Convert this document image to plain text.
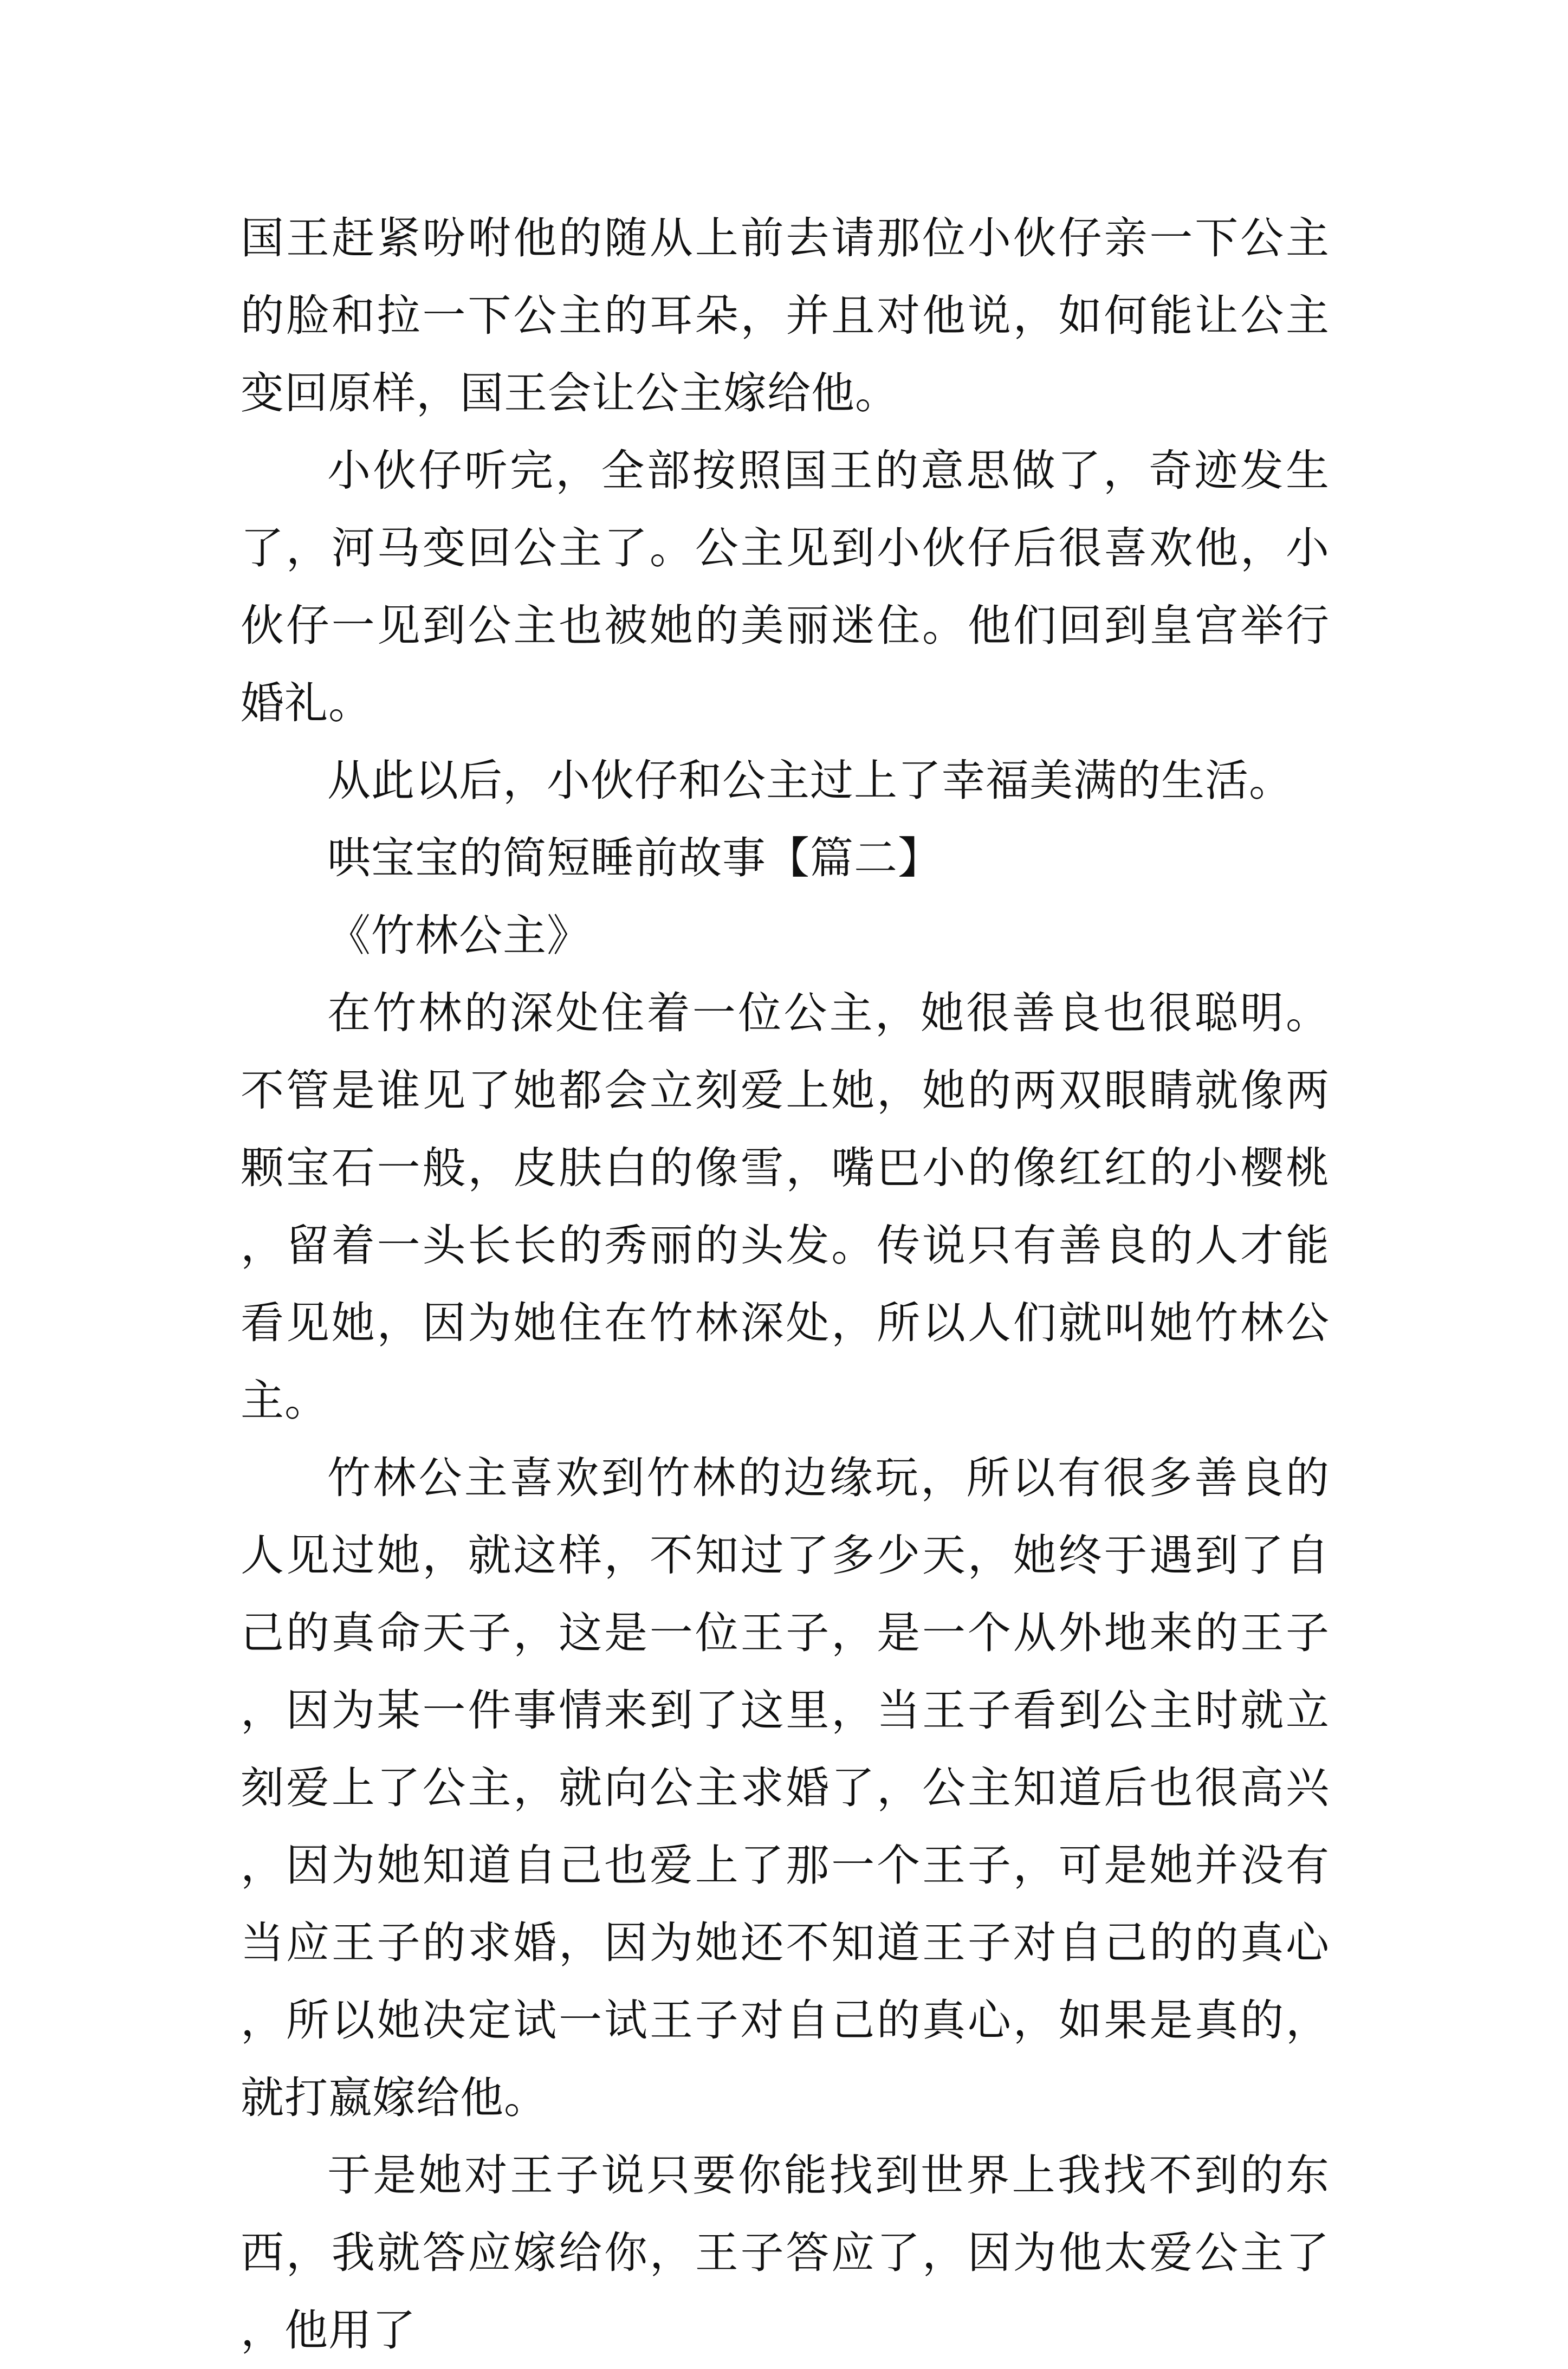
国王赶紧吩咐他的随从上前去请那位小伙仔亲一下公主的脸和拉一下公主的耳朵，并且对他说，如何能让公主变回原样，国王会让公主嫁给他。

小伙仔听完，全部按照国王的意思做了，奇迹发生了，河马变回公主了。公主见到小伙仔后很喜欢他，小伙仔一见到公主也被她的美丽迷住。他们回到皇宫举行婚礼。

从此以后，小伙仔和公主过上了幸福美满的生活。

哄宝宝的简短睡前故事【篇二】

《竹林公主》

在竹林的深处住着一位公主，她很善良也很聪明。不管是谁见了她都会立刻爱上她，她的两双眼睛就像两颗宝石一般，皮肤白的像雪，嘴巴小的像红红的小樱桃，留着一头长长的秀丽的头发。传说只有善良的人才能看见她，因为她住在竹林深处，所以人们就叫她竹林公主。

竹林公主喜欢到竹林的边缘玩，所以有很多善良的人见过她，就这样，不知过了多少天，她终于遇到了自己的真命天子，这是一位王子，是一个从外地来的王子，因为某一件事情来到了这里，当王子看到公主时就立刻爱上了公主，就向公主求婚了，公主知道后也很高兴，因为她知道自己也爱上了那一个王子，可是她并没有当应王子的求婚，因为她还不知道王子对自己的的真心，所以她决定试一试王子对自己的真心，如果是真的，就打嬴嫁给他。

于是她对王子说只要你能找到世界上我找不到的东西，我就答应嫁给你，王子答应了，因为他太爱公主了，他用了
